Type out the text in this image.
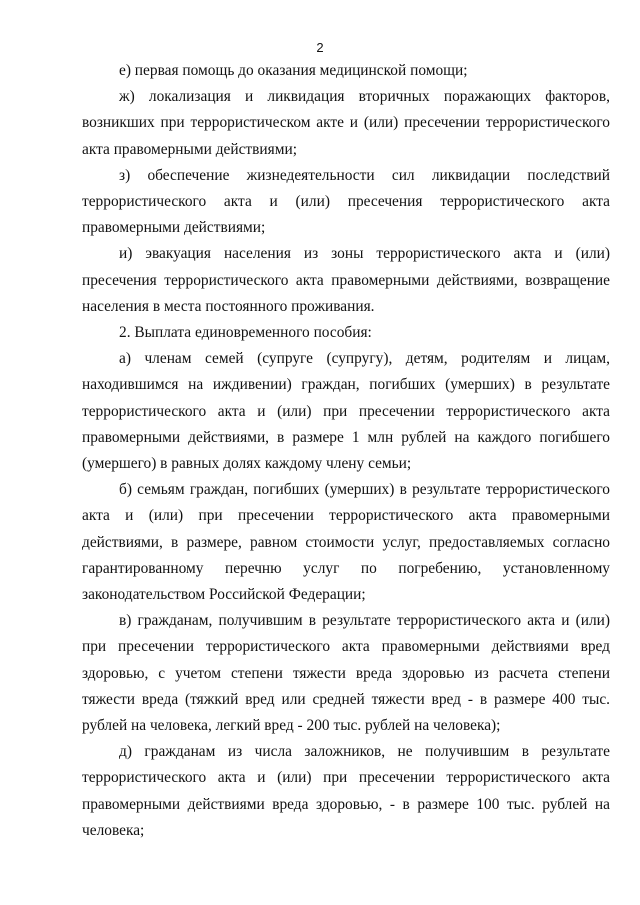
2

е) первая помощь до оказания медицинской помощи;

ж) локализация и ликвидация вторичных поражающих факторов, возникших при террористическом акте и (или) пресечении террористического акта правомерными действиями;

з) обеспечение жизнедеятельности сил ликвидации последствий террористического акта и (или) пресечения террористического акта правомерными действиями;

и) эвакуация населения из зоны террористического акта и (или) пресечения террористического акта правомерными действиями, возвращение населения в места постоянного проживания.

2. Выплата единовременного пособия:

а) членам семей (супруге (супругу), детям, родителям и лицам, находившимся на иждивении) граждан, погибших (умерших) в результате террористического акта и (или) при пресечении террористического акта правомерными действиями, в размере 1 млн рублей на каждого погибшего (умершего) в равных долях каждому члену семьи;

б) семьям граждан, погибших (умерших) в результате террористического акта и (или) при пресечении террористического акта правомерными действиями, в размере, равном стоимости услуг, предоставляемых согласно гарантированному перечню услуг по погребению, установленному законодательством Российской Федерации;

в) гражданам, получившим в результате террористического акта и (или) при пресечении террористического акта правомерными действиями вред здоровью, с учетом степени тяжести вреда здоровью из расчета степени тяжести вреда (тяжкий вред или средней тяжести вред - в размере 400 тыс. рублей на человека, легкий вред - 200 тыс. рублей на человека);

д) гражданам из числа заложников, не получившим в результате террористического акта и (или) при пресечении террористического акта правомерными действиями вреда здоровью, - в размере 100 тыс. рублей на человека;
